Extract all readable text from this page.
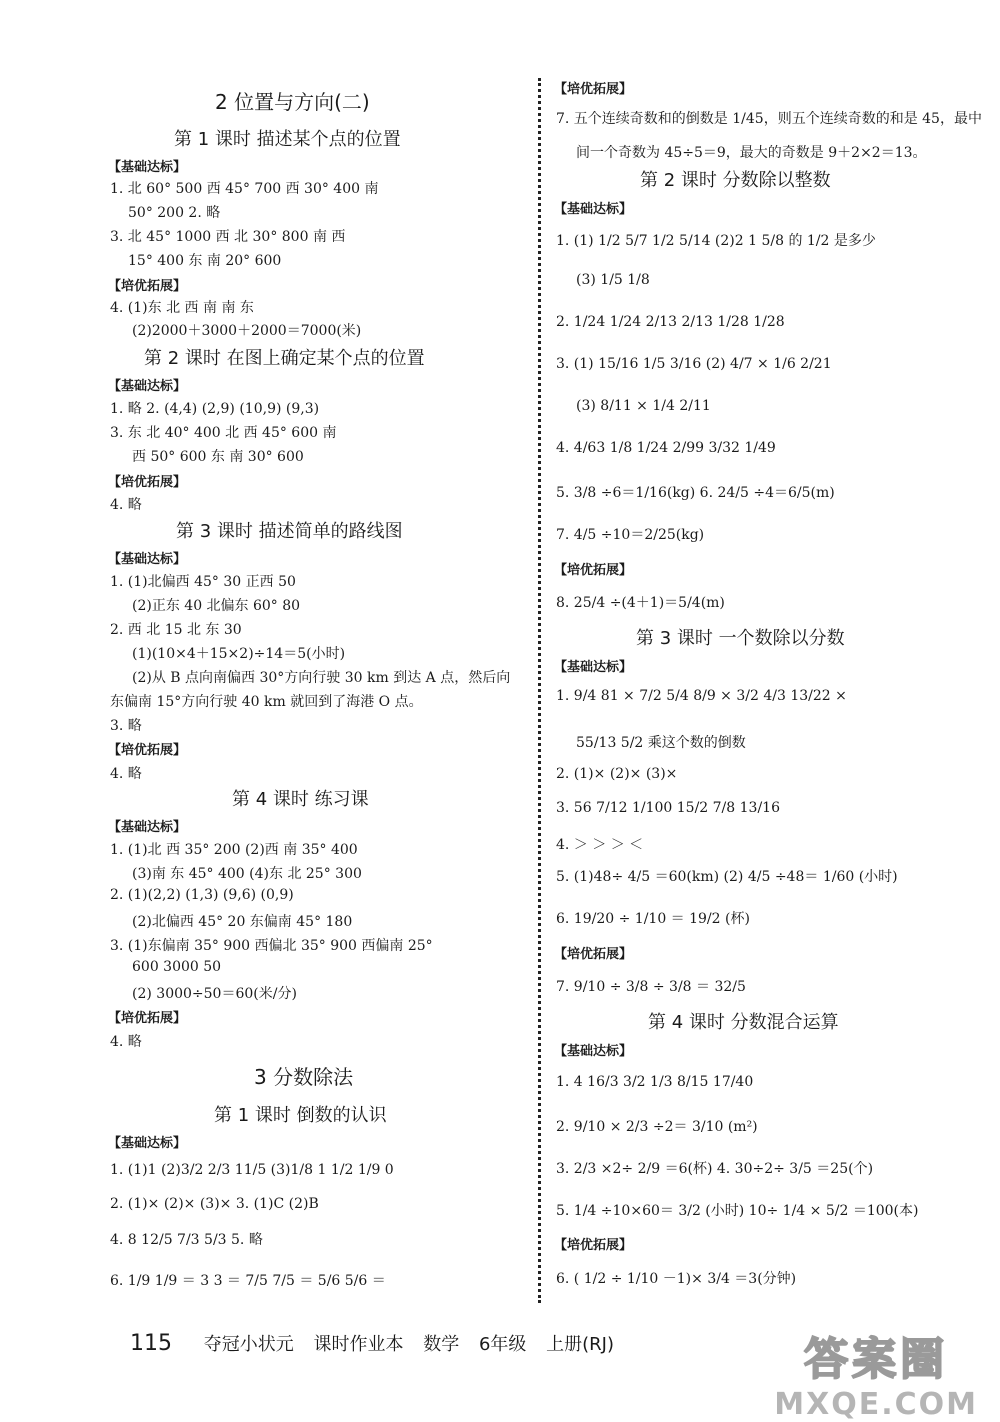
2 位置与方向(二)
第 1 课时 描述某个点的位置
【基础达标】
1. 北 60° 500 西 45° 700 西 30° 400 南
50° 200 2. 略
3. 北 45° 1000 西 北 30° 800 南 西
15° 400 东 南 20° 600
【培优拓展】
4. (1)东 北 西 南 南 东
(2)2000＋3000＋2000＝7000(米)
第 2 课时 在图上确定某个点的位置
【基础达标】
1. 略 2. (4,4) (2,9) (10,9) (9,3)
3. 东 北 40° 400 北 西 45° 600 南
西 50° 600 东 南 30° 600
【培优拓展】
4. 略
第 3 课时 描述简单的路线图
【基础达标】
1. (1)北偏西 45° 30 正西 50
(2)正东 40 北偏东 60° 80
2. 西 北 15 北 东 30
(1)(10×4＋15×2)÷14＝5(小时)
(2)从 B 点向南偏西 30°方向行驶 30 km 到达 A 点，然后向
东偏南 15°方向行驶 40 km 就回到了海港 O 点。
3. 略
【培优拓展】
4. 略
第 4 课时 练习课
【基础达标】
1. (1)北 西 35° 200 (2)西 南 35° 400
(3)南 东 45° 400 (4)东 北 25° 300
2. (1)(2,2) (1,3) (9,6) (0,9)
(2)北偏西 45° 20 东偏南 45° 180
3. (1)东偏南 35° 900 西偏北 35° 900 西偏南 25°
600 3000 50
(2) 3000÷50＝60(米/分)
【培优拓展】
4. 略
3 分数除法
第 1 课时 倒数的认识
【基础达标】
1. (1)1 (2)3/2 2/3 11/5 (3)1/8 1 1/2 1/9 0
2. (1)× (2)× (3)× 3. (1)C (2)B
4. 8 12/5 7/3 5/3 5. 略
6. 1/9 1/9 ＝ 3 3 ＝ 7/5 7/5 ＝ 5/6 5/6 ＝
【培优拓展】
7. 五个连续奇数和的倒数是 1/45，则五个连续奇数的和是 45，最中
间一个奇数为 45÷5＝9，最大的奇数是 9＋2×2＝13。
第 2 课时 分数除以整数
【基础达标】
1. (1) 1/2 5/7 1/2 5/14 (2)2 1 5/8 的 1/2 是多少
(3) 1/5 1/8
2. 1/24 1/24 2/13 2/13 1/28 1/28
3. (1) 15/16 1/5 3/16 (2) 4/7 × 1/6 2/21
(3) 8/11 × 1/4 2/11
4. 4/63 1/8 1/24 2/99 3/32 1/49
5. 3/8 ÷6＝1/16(kg) 6. 24/5 ÷4＝6/5(m)
7. 4/5 ÷10＝2/25(kg)
【培优拓展】
8. 25/4 ÷(4＋1)＝5/4(m)
第 3 课时 一个数除以分数
【基础达标】
1. 9/4 81 × 7/2 5/4 8/9 × 3/2 4/3 13/22 ×
55/13 5/2 乘这个数的倒数
2. (1)× (2)× (3)×
3. 56 7/12 1/100 15/2 7/8 13/16
4. ＞ ＞ ＞ ＜
5. (1)48÷ 4/5 ＝60(km) (2) 4/5 ÷48＝ 1/60 (小时)
6. 19/20 ÷ 1/10 ＝ 19/2 (杯)
【培优拓展】
7. 9/10 ÷ 3/8 ÷ 3/8 ＝ 32/5
第 4 课时 分数混合运算
【基础达标】
1. 4 16/3 3/2 1/3 8/15 17/40
2. 9/10 × 2/3 ÷2＝ 3/10 (m²)
3. 2/3 ×2÷ 2/9 ＝6(杯) 4. 30÷2÷ 3/5 ＝25(个)
5. 1/4 ÷10×60＝ 3/2 (小时) 10÷ 1/4 × 5/2 ＝100(本)
【培优拓展】
6. ( 1/2 ÷ 1/10 －1)× 3/4 ＝3(分钟)
115 夺冠小状元 课时作业本 数学 6年级 上册(RJ)	答案圈
MXQE.COM
